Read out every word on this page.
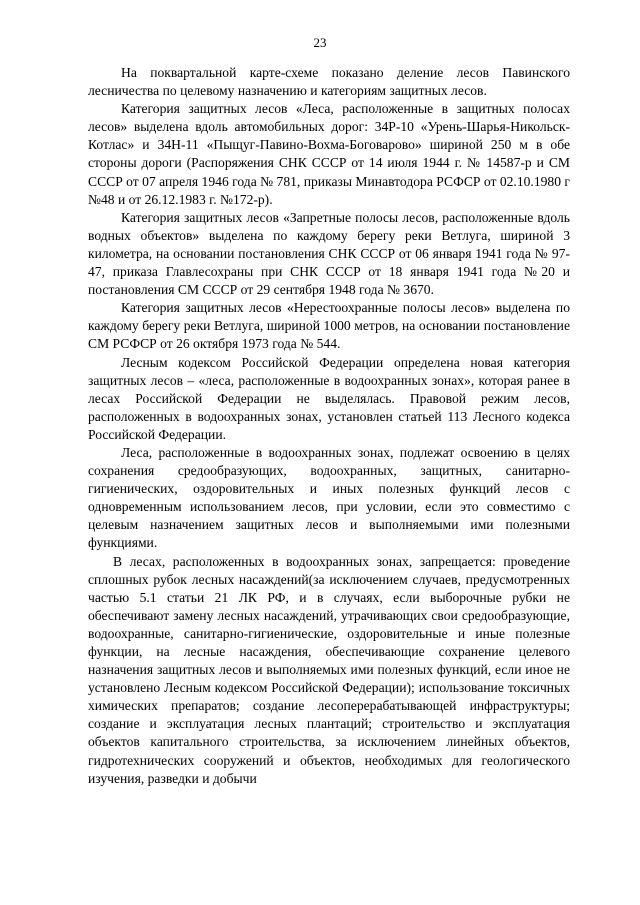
23

На поквартальной карте-схеме показано деление лесов Павинского лесничества по целевому назначению и категориям защитных лесов.

Категория защитных лесов «Леса, расположенные в защитных полосах лесов» выделена вдоль автомобильных дорог: 34Р-10 «Урень-Шарья-Никольск-Котлас» и 34Н-11 «Пыщуг-Павино-Вохма-Боговарово» шириной 250 м в обе стороны дороги (Распоряжения СНК СССР от 14 июля 1944 г. № 14587-р и СМ СССР от 07 апреля 1946 года № 781, приказы Минавтодора РСФСР от 02.10.1980 г №48 и от 26.12.1983 г. №172-р).

Категория защитных лесов «Запретные полосы лесов, расположенные вдоль водных объектов» выделена по каждому берегу реки Ветлуга, шириной 3 километра, на основании постановления СНК СССР от 06 января 1941 года № 97-47, приказа Главлесохраны при СНК СССР от 18 января 1941 года №20 и постановления СМ СССР от 29 сентября 1948 года № 3670.

Категория защитных лесов «Нерестоохранные полосы лесов» выделена по каждому берегу реки Ветлуга, шириной 1000 метров, на основании постановление СМ РСФСР от 26 октября 1973 года № 544.

Лесным кодексом Российской Федерации определена новая категория защитных лесов – «леса, расположенные в водоохранных зонах», которая ранее в лесах Российской Федерации не выделялась. Правовой режим лесов, расположенных в водоохранных зонах, установлен статьей 113 Лесного кодекса Российской Федерации.

Леса, расположенные в водоохранных зонах, подлежат освоению в целях сохранения средообразующих, водоохранных, защитных, санитарно-гигиенических, оздоровительных и иных полезных функций лесов с одновременным использованием лесов, при условии, если это совместимо с целевым назначением защитных лесов и выполняемыми ими полезными функциями.

В лесах, расположенных в водоохранных зонах, запрещается: проведение сплошных рубок лесных насаждений(за исключением случаев, предусмотренных частью 5.1 статьи 21 ЛК РФ, и в случаях, если выборочные рубки не обеспечивают замену лесных насаждений, утрачивающих свои средообразующие, водоохранные, санитарно-гигиенические, оздоровительные и иные полезные функции, на лесные насаждения, обеспечивающие сохранение целевого назначения защитных лесов и выполняемых ими полезных функций, если иное не установлено Лесным кодексом Российской Федерации); использование токсичных химических препаратов; создание лесоперерабатывающей инфраструктуры; создание и эксплуатация лесных плантаций; строительство и эксплуатация объектов капитального строительства, за исключением линейных объектов, гидротехнических сооружений и объектов, необходимых для геологического изучения, разведки и добычи
